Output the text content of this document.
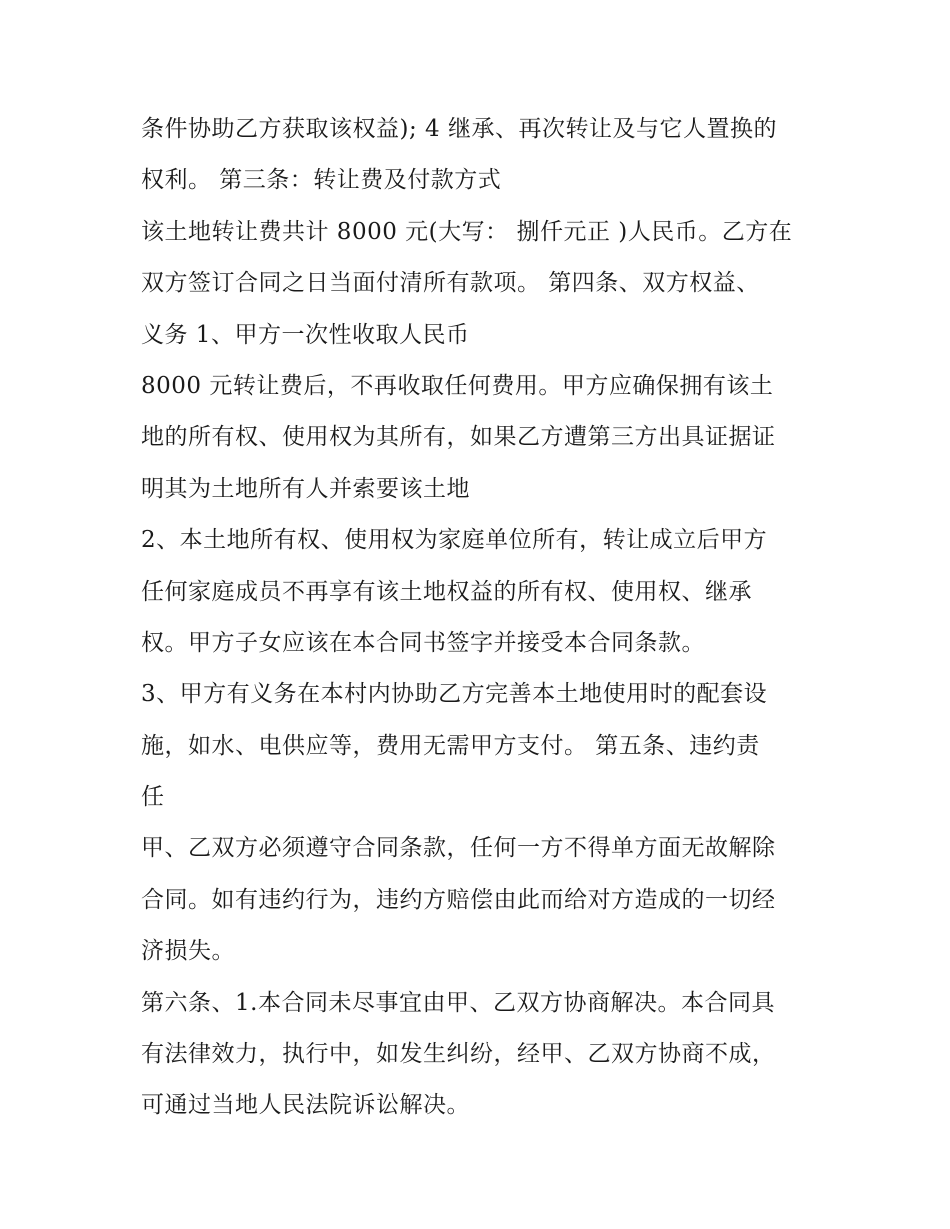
条件协助乙方获取该权益); 4 继承、再次转让及与它人置换的
权利。 第三条：转让费及付款方式
该土地转让费共计 8000 元(大写： 捌仟元正 )人民币。乙方在
双方签订合同之日当面付清所有款项。 第四条、双方权益、
义务 1、甲方一次性收取人民币
8000 元转让费后，不再收取任何费用。甲方应确保拥有该土
地的所有权、使用权为其所有，如果乙方遭第三方出具证据证
明其为土地所有人并索要该土地
2、本土地所有权、使用权为家庭单位所有，转让成立后甲方
任何家庭成员不再享有该土地权益的所有权、使用权、继承
权。甲方子女应该在本合同书签字并接受本合同条款。
3、甲方有义务在本村内协助乙方完善本土地使用时的配套设
施，如水、电供应等，费用无需甲方支付。 第五条、违约责
任
甲、乙双方必须遵守合同条款，任何一方不得单方面无故解除
合同。如有违约行为，违约方赔偿由此而给对方造成的一切经
济损失。
第六条、1.本合同未尽事宜由甲、乙双方协商解决。本合同具
有法律效力，执行中，如发生纠纷，经甲、乙双方协商不成，
可通过当地人民法院诉讼解决。
